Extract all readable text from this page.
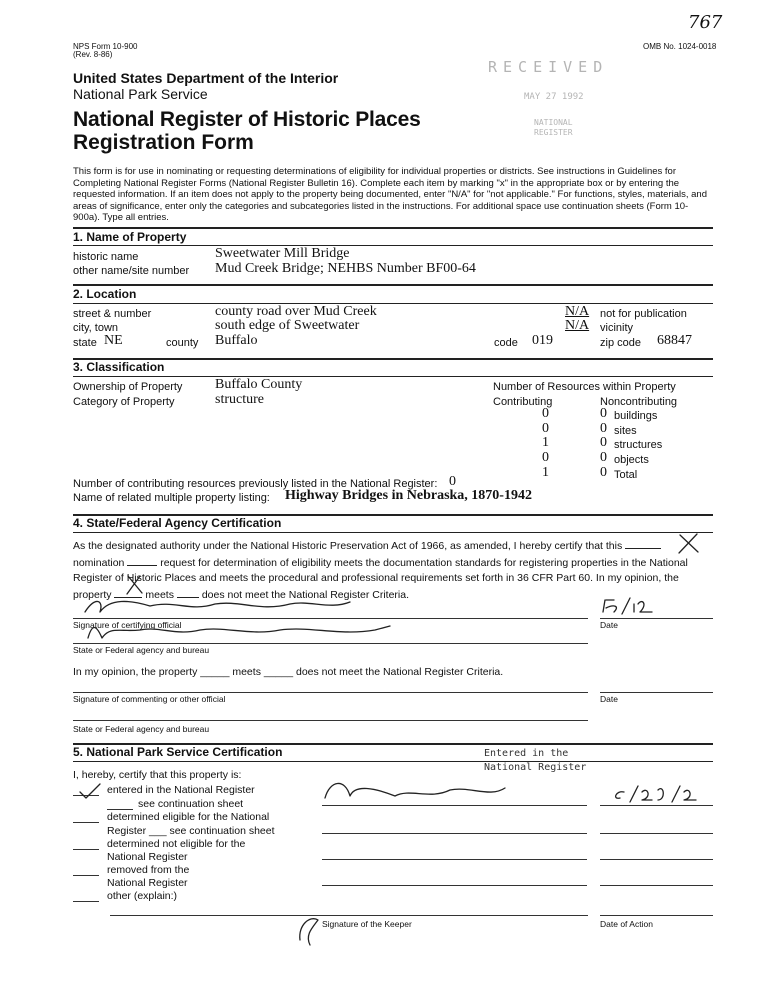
767
NPS Form 10-900
(Rev. 8-86)
OMB No. 1024-0018
United States Department of the Interior
National Park Service
National Register of Historic Places
Registration Form
RECEIVED
MAY 27 1992
NATIONAL
REGISTER
This form is for use in nominating or requesting determinations of eligibility for individual properties or districts. See instructions in Guidelines for Completing National Register Forms (National Register Bulletin 16). Complete each item by marking "x" in the appropriate box or by entering the requested information. If an item does not apply to the property being documented, enter "N/A" for "not applicable." For functions, styles, materials, and areas of significance, enter only the categories and subcategories listed in the instructions. For additional space use continuation sheets (Form 10-900a). Type all entries.
1. Name of Property
historic name	Sweetwater Mill Bridge
other name/site number Mud Creek Bridge; NEHBS Number BF00-64
2. Location
street & number	county road over Mud Creek	N/A not for publication
city, town	south edge of Sweetwater	N/A vicinity
state NE	county Buffalo	code 019	zip code 68847
3. Classification
Ownership of Property Buffalo County
Category of Property	structure
Number of Resources within Property
Contributing	Noncontributing
0	0 buildings
0	0 sites
1	0 structures
0	0 objects
1	0 Total
Number of contributing resources previously listed in the National Register: 0
Name of related multiple property listing: Highway Bridges in Nebraska, 1870-1942
4. State/Federal Agency Certification
As the designated authority under the National Historic Preservation Act of 1966, as amended, I hereby certify that this
nomination	request for determination of eligibility meets the documentation standards for registering properties in the National Register of Historic Places and meets the procedural and professional requirements set forth in 36 CFR Part 60. In my opinion, the property	meets	does not meet the National Register Criteria.
Signature of certifying official	Date
State or Federal agency and bureau
In my opinion, the property _____ meets _____ does not meet the National Register Criteria.
Signature of commenting or other official	Date
State or Federal agency and bureau
5. National Park Service Certification
I, hereby, certify that this property is:
Entered in the
National Register
entered in the National Register
see continuation sheet
determined eligible for the National
Register ___ see continuation sheet
determined not eligible for the
National Register
removed from the
National Register
other (explain:)
Signature of the Keeper	Date of Action
